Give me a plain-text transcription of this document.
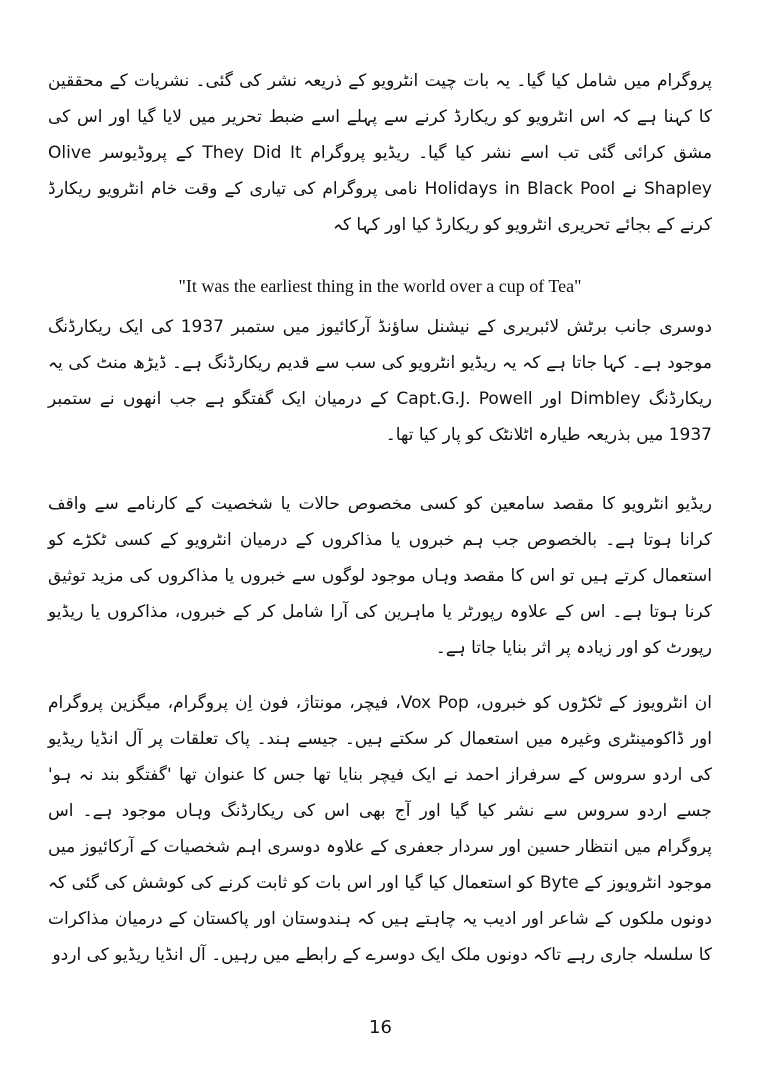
پروگرام میں شامل کیا گیا۔ یہ بات چیت انٹرویو کے ذریعہ نشر کی گئی۔ نشریات کے محققین کا کہنا ہے کہ اس انٹرویو کو ریکارڈ کرنے سے پہلے اسے ضبط تحریر میں لایا گیا اور اس کی مشق کرائی گئی تب اسے نشر کیا گیا۔ ریڈیو پروگرام They Did It کے پروڈیوسر Olive Shapley نے Holidays in Black Pool نامی پروگرام کی تیاری کے وقت خام انٹرویو ریکارڈ کرنے کے بجائے تحریری انٹرویو کو ریکارڈ کیا اور کہا کہ

"It was the earliest thing in the world over a cup of Tea"

دوسری جانب برٹش لائبریری کے نیشنل ساؤنڈ آرکائیوز میں ستمبر 1937 کی ایک ریکارڈنگ موجود ہے۔ کہا جاتا ہے کہ یہ ریڈیو انٹرویو کی سب سے قدیم ریکارڈنگ ہے۔ ڈیڑھ منٹ کی یہ ریکارڈنگ Dimbley اور Capt.G.J. Powell کے درمیان ایک گفتگو ہے جب انھوں نے ستمبر 1937 میں بذریعہ طیارہ اٹلانٹک کو پار کیا تھا۔

ریڈیو انٹرویو کا مقصد سامعین کو کسی مخصوص حالات یا شخصیت کے کارنامے سے واقف کرانا ہوتا ہے۔ بالخصوص جب ہم خبروں یا مذاکروں کے درمیان انٹرویو کے کسی ٹکڑے کو استعمال کرتے ہیں تو اس کا مقصد وہاں موجود لوگوں سے خبروں یا مذاکروں کی مزید توثیق کرنا ہوتا ہے۔ اس کے علاوہ رپورٹر یا ماہرین کی آرا شامل کر کے خبروں، مذاکروں یا ریڈیو رپورٹ کو اور زیادہ پر اثر بنایا جاتا ہے۔

ان انٹرویوز کے ٹکڑوں کو خبروں، Vox Pop، فیچر، مونتاژ، فون اِن پروگرام، میگزین پروگرام اور ڈاکومینٹری وغیرہ میں استعمال کر سکتے ہیں۔ جیسے ہند۔ پاک تعلقات پر آل انڈیا ریڈیو کی اردو سروس کے سرفراز احمد نے ایک فیچر بنایا تھا جس کا عنوان تھا 'گفتگو بند نہ ہو' جسے اردو سروس سے نشر کیا گیا اور آج بھی اس کی ریکارڈنگ وہاں موجود ہے۔ اس پروگرام میں انتظار حسین اور سردار جعفری کے علاوہ دوسری اہم شخصیات کے آرکائیوز میں موجود انٹرویوز کے Byte کو استعمال کیا گیا اور اس بات کو ثابت کرنے کی کوشش کی گئی کہ دونوں ملکوں کے شاعر اور ادیب یہ چاہتے ہیں کہ ہندوستان اور پاکستان کے درمیان مذاکرات کا سلسلہ جاری رہے تاکہ دونوں ملک ایک دوسرے کے رابطے میں رہیں۔ آل انڈیا ریڈیو کی اردو

16
